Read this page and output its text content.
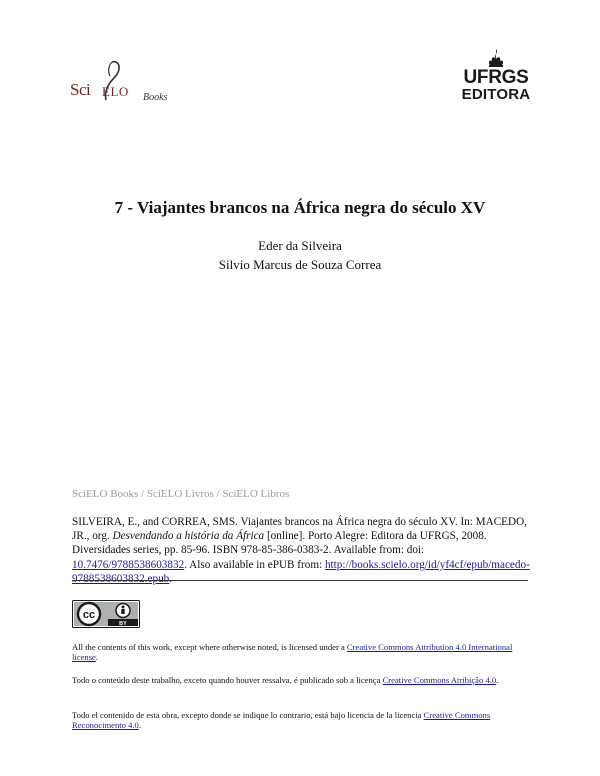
Sci ELO Books
UFRGS
EDITORA
7 - Viajantes brancos na África negra do século XV
Eder da Silveira
Silvio Marcus de Souza Correa
SciELO Books / SciELO Livros / SciELO Libros
SILVEIRA, E., and CORREA, SMS. Viajantes brancos na África negra do século XV. In: MACEDO, JR., org. Desvendando a história da África [online]. Porto Alegre: Editora da UFRGS, 2008. Diversidades series, pp. 85-96. ISBN 978-85-386-0383-2. Available from: doi: 10.7476/9788538603832. Also available in ePUB from: http://books.scielo.org/id/yf4cf/epub/macedo-9788538603832.epub.
cc
BY
All the contents of this work, except where otherwise noted, is licensed under a Creative Commons Attribution 4.0 International license.
Todo o conteúdo deste trabalho, exceto quando houver ressalva, é publicado sob a licença Creative Commons Atribição 4.0.
Todo el contenido de esta obra, excepto donde se indique lo contrario, está bajo licencia de la licencia Creative Commons Reconocimento 4.0.
